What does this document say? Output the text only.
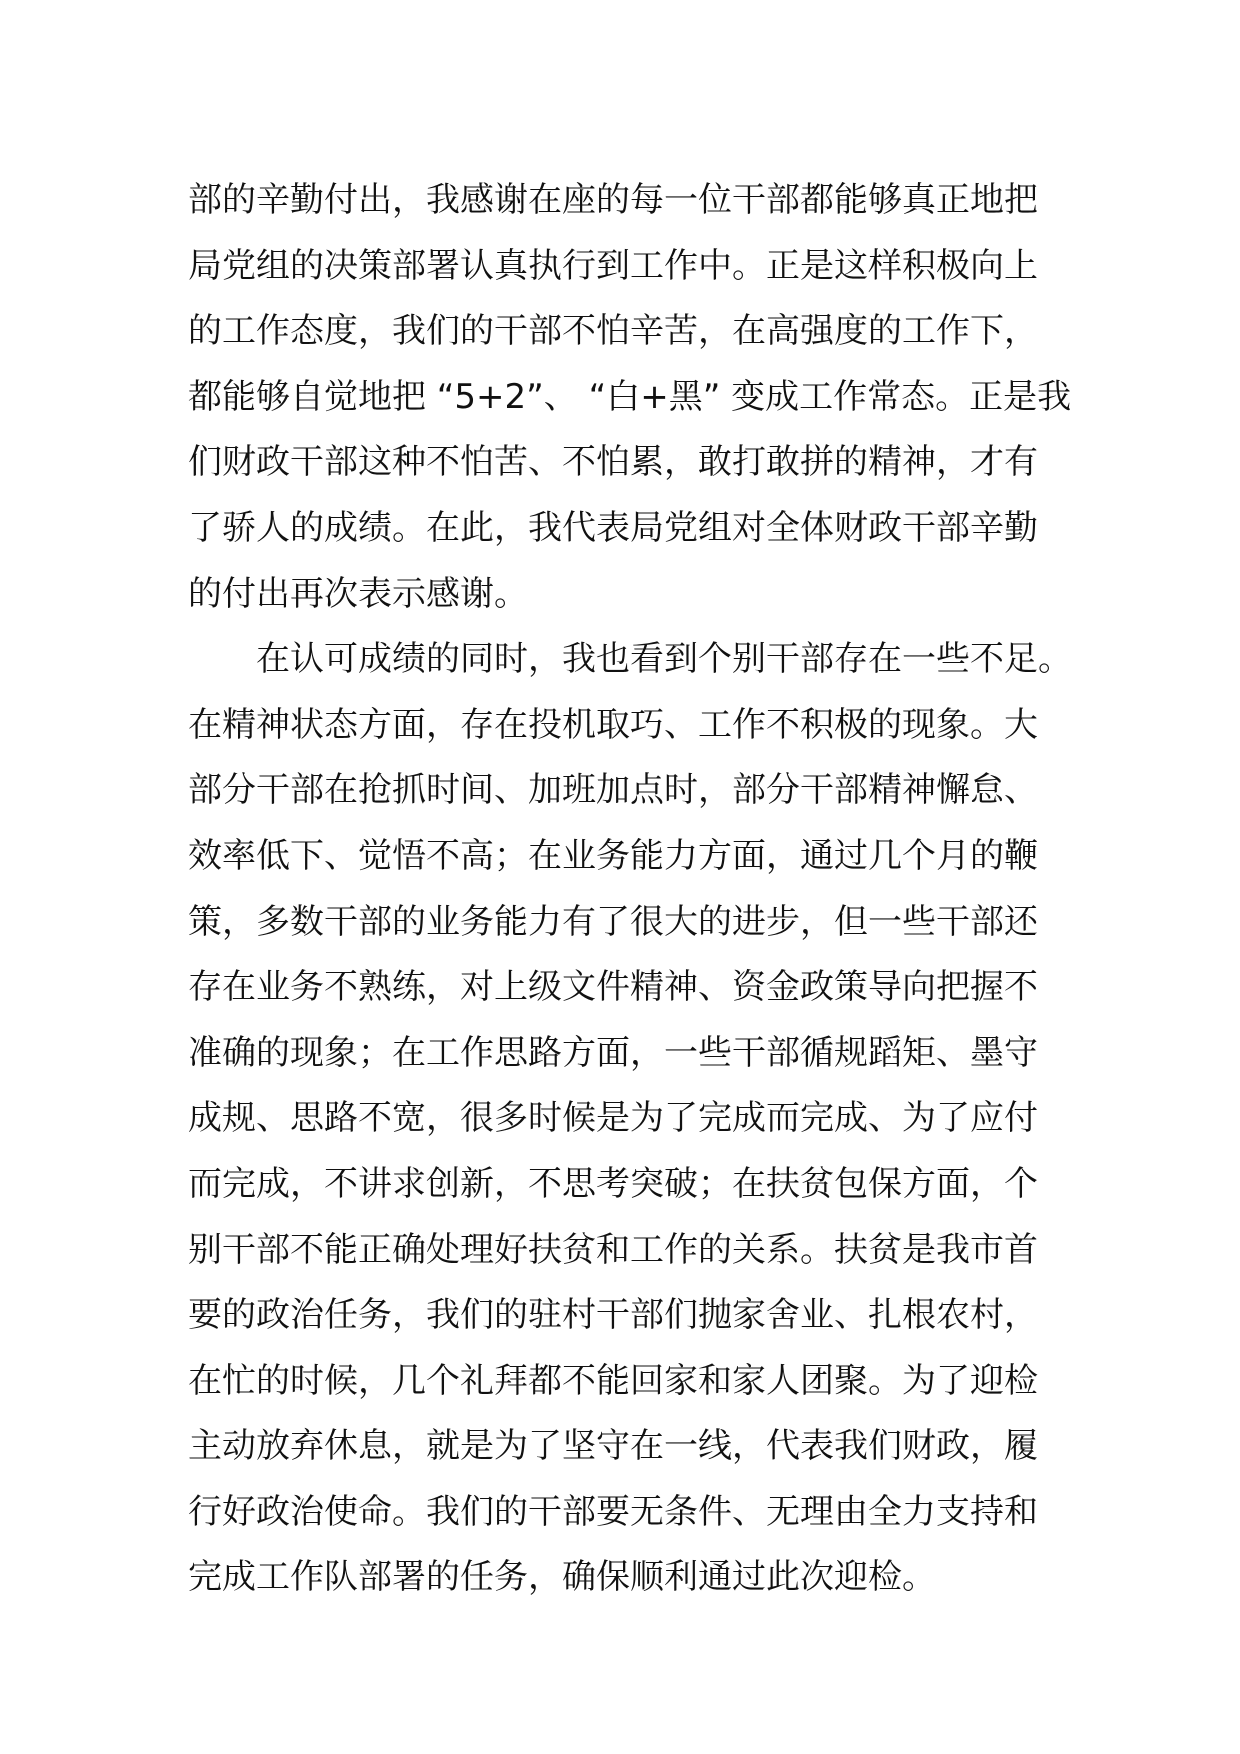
部的辛勤付出，我感谢在座的每一位干部都能够真正地把
局党组的决策部署认真执行到工作中。正是这样积极向上
的工作态度，我们的干部不怕辛苦，在高强度的工作下，
都能够自觉地把 “5+2”、 “白+黑” 变成工作常态。正是我
们财政干部这种不怕苦、不怕累，敢打敢拼的精神，才有
了骄人的成绩。在此，我代表局党组对全体财政干部辛勤
的付出再次表示感谢。
在认可成绩的同时，我也看到个别干部存在一些不足。
在精神状态方面，存在投机取巧、工作不积极的现象。大
部分干部在抢抓时间、加班加点时，部分干部精神懈怠、
效率低下、觉悟不高；在业务能力方面，通过几个月的鞭
策，多数干部的业务能力有了很大的进步，但一些干部还
存在业务不熟练，对上级文件精神、资金政策导向把握不
准确的现象；在工作思路方面，一些干部循规蹈矩、墨守
成规、思路不宽，很多时候是为了完成而完成、为了应付
而完成，不讲求创新，不思考突破；在扶贫包保方面，个
别干部不能正确处理好扶贫和工作的关系。扶贫是我市首
要的政治任务，我们的驻村干部们抛家舍业、扎根农村，
在忙的时候，几个礼拜都不能回家和家人团聚。为了迎检
主动放弃休息，就是为了坚守在一线，代表我们财政，履
行好政治使命。我们的干部要无条件、无理由全力支持和
完成工作队部署的任务，确保顺利通过此次迎检。
